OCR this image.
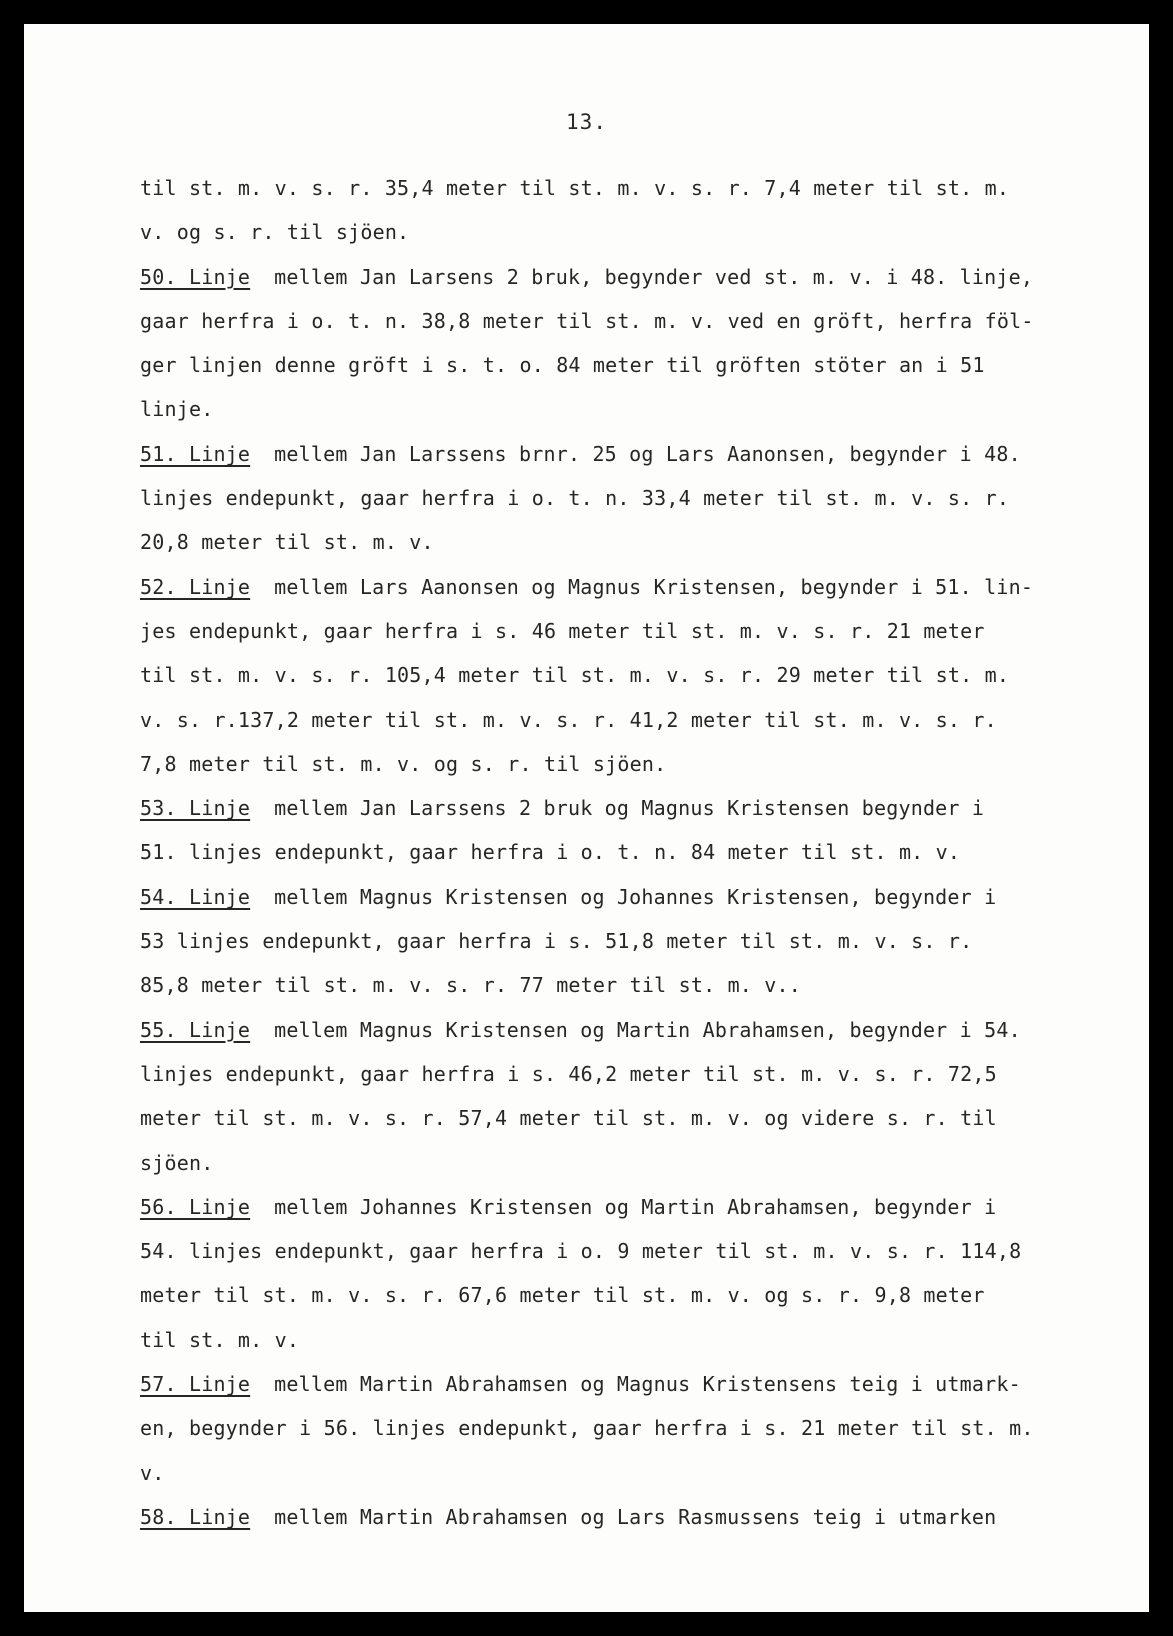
13.
til st. m. v. s. r. 35,4 meter til st. m. v. s. r. 7,4 meter til st. m.
v. og s. r. til sjöen.
50. Linje mellem Jan Larsens 2 bruk, begynder ved st. m. v. i 48. linje,
gaar herfra i o. t. n. 38,8 meter til st. m. v. ved en gröft, herfra föl-
ger linjen denne gröft i s. t. o. 84 meter til gröften stöter an i 51
linje.
51. Linje mellem Jan Larssens brnr. 25 og Lars Aanonsen, begynder i 48.
linjes endepunkt, gaar herfra i o. t. n. 33,4 meter til st. m. v. s. r.
20,8 meter til st. m. v.
52. Linje mellem Lars Aanonsen og Magnus Kristensen, begynder i 51. lin-
jes endepunkt, gaar herfra i s. 46 meter til st. m. v. s. r. 21 meter
til st. m. v. s. r. 105,4 meter til st. m. v. s. r. 29 meter til st. m.
v. s. r.137,2 meter til st. m. v. s. r. 41,2 meter til st. m. v. s. r.
7,8 meter til st. m. v. og s. r. til sjöen.
53. Linje mellem Jan Larssens 2 bruk og Magnus Kristensen begynder i
51. linjes endepunkt, gaar herfra i o. t. n. 84 meter til st. m. v.
54. Linje mellem Magnus Kristensen og Johannes Kristensen, begynder i
53 linjes endepunkt, gaar herfra i s. 51,8 meter til st. m. v. s. r.
85,8 meter til st. m. v. s. r. 77 meter til st. m. v..
55. Linje mellem Magnus Kristensen og Martin Abrahamsen, begynder i 54.
linjes endepunkt, gaar herfra i s. 46,2 meter til st. m. v. s. r. 72,5
meter til st. m. v. s. r. 57,4 meter til st. m. v. og videre s. r. til
sjöen.
56. Linje mellem Johannes Kristensen og Martin Abrahamsen, begynder i
54. linjes endepunkt, gaar herfra i o. 9 meter til st. m. v. s. r. 114,8
meter til st. m. v. s. r. 67,6 meter til st. m. v. og s. r. 9,8 meter
til st. m. v.
57. Linje mellem Martin Abrahamsen og Magnus Kristensens teig i utmark-
en, begynder i 56. linjes endepunkt, gaar herfra i s. 21 meter til st. m.
v.
58. Linje mellem Martin Abrahamsen og Lars Rasmussens teig i utmarken
